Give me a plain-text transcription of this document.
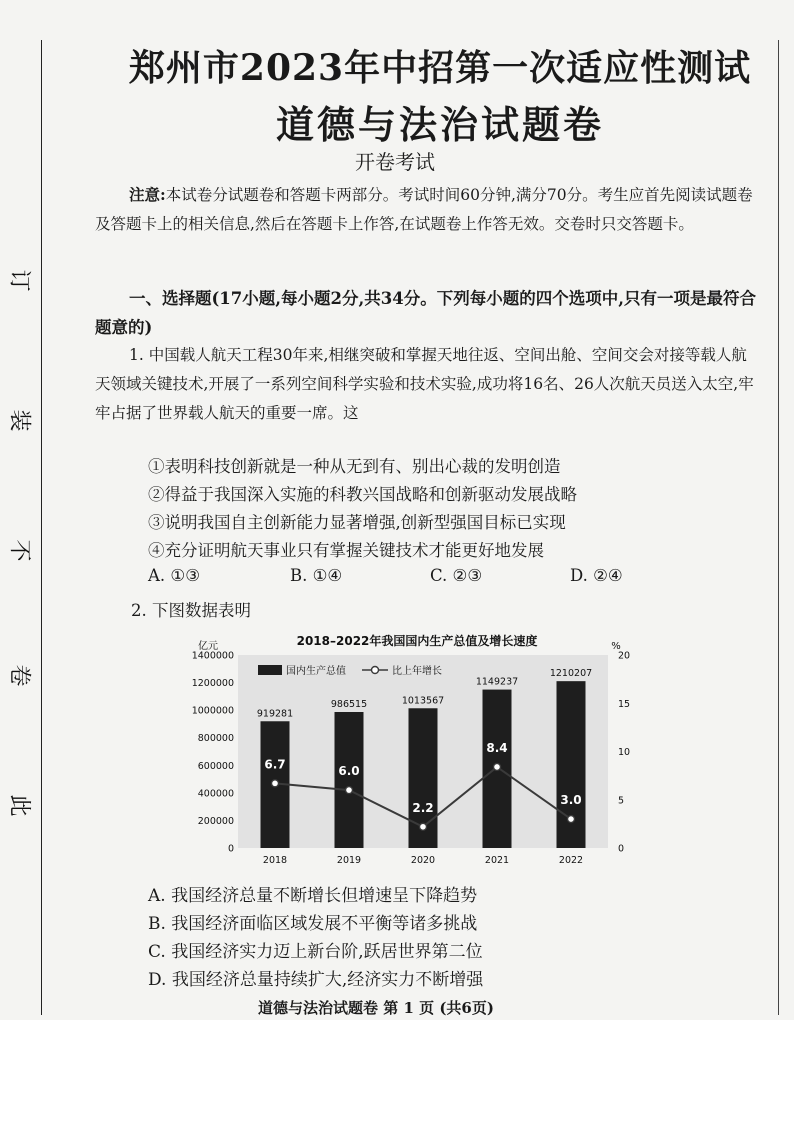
订
装
不
卷
此
郑州市2023年中招第一次适应性测试
道德与法治试题卷
开卷考试
注意:本试卷分试题卷和答题卡两部分。考试时间60分钟,满分70分。考生应首先阅读试题卷及答题卡上的相关信息,然后在答题卡上作答,在试题卷上作答无效。交卷时只交答题卡。
一、选择题(17小题,每小题2分,共34分。下列每小题的四个选项中,只有一项是最符合题意的)
1. 中国载人航天工程30年来,相继突破和掌握天地往返、空间出舱、空间交会对接等载人航天领域关键技术,开展了一系列空间科学实验和技术实验,成功将16名、26人次航天员送入太空,牢牢占据了世界载人航天的重要一席。这
①表明科技创新就是一种从无到有、别出心裁的发明创造
②得益于我国深入实施的科教兴国战略和创新驱动发展战略
③说明我国自主创新能力显著增强,创新型强国目标已实现
④充分证明航天事业只有掌握关键技术才能更好地发展
A. ①③	B. ①④	C. ②③	D. ②④
2. 下图数据表明
2018–2022年我国国内生产总值及增长速度
亿元	%
0
200000
400000
600000
800000
1000000
1200000
1400000
0
5
10
15
20
919281
986515	1013567
1149237
1210207
2018	2019	2020	2021	2022
6.7	6.0
2.2
8.4
3.0
国内生产总值	比上年增长
A. 我国经济总量不断增长但增速呈下降趋势
B. 我国经济面临区域发展不平衡等诸多挑战
C. 我国经济实力迈上新台阶,跃居世界第二位
D. 我国经济总量持续扩大,经济实力不断增强
道德与法治试题卷 第 1 页 (共6页)
